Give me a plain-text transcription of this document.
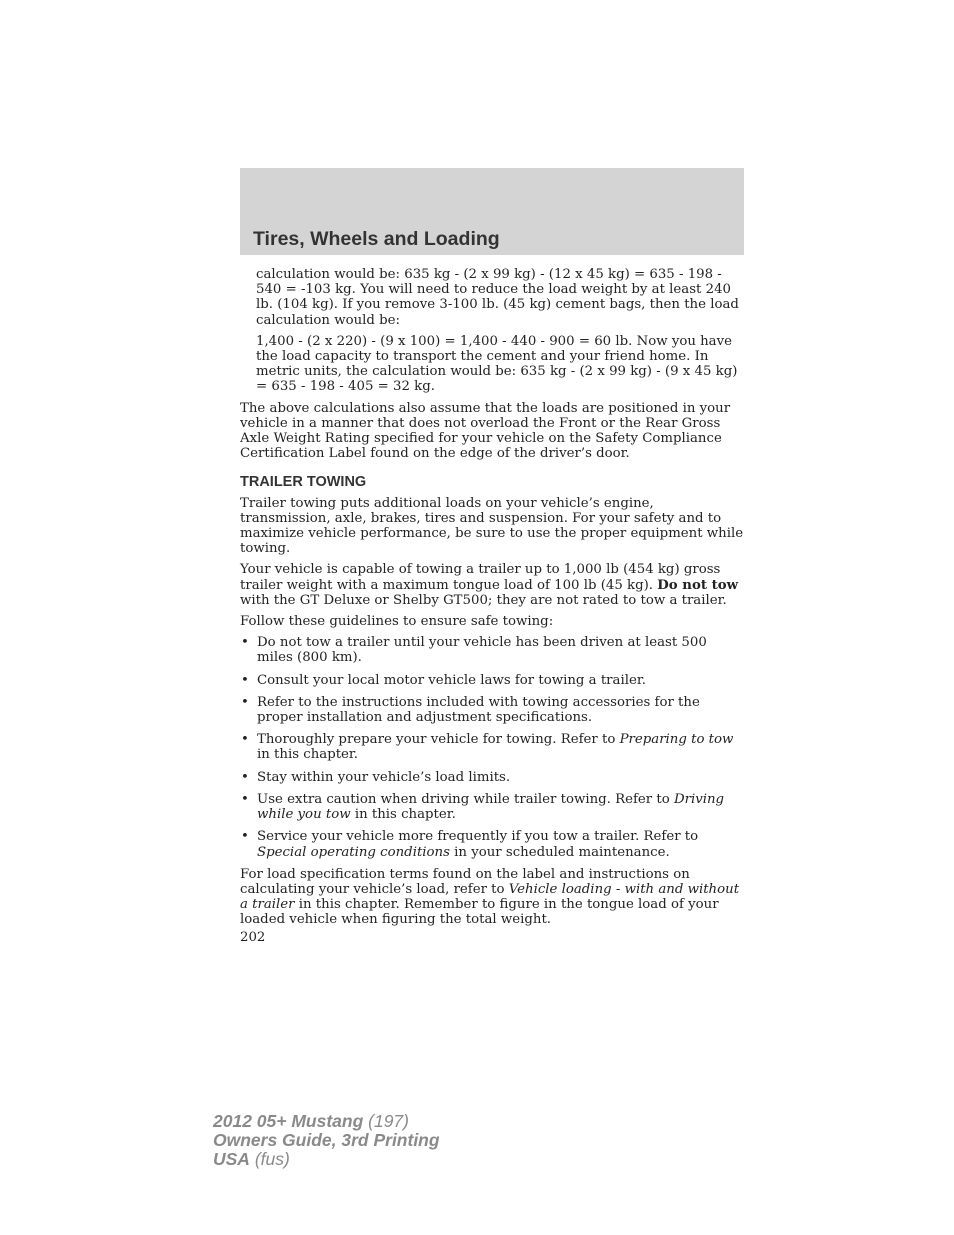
Tires, Wheels and Loading

calculation would be: 635 kg - (2 x 99 kg) - (12 x 45 kg) = 635 - 198 - 540 = -103 kg. You will need to reduce the load weight by at least 240 lb. (104 kg). If you remove 3-100 lb. (45 kg) cement bags, then the load calculation would be:

1,400 - (2 x 220) - (9 x 100) = 1,400 - 440 - 900 = 60 lb. Now you have the load capacity to transport the cement and your friend home. In metric units, the calculation would be: 635 kg - (2 x 99 kg) - (9 x 45 kg) = 635 - 198 - 405 = 32 kg.

The above calculations also assume that the loads are positioned in your vehicle in a manner that does not overload the Front or the Rear Gross Axle Weight Rating specified for your vehicle on the Safety Compliance Certification Label found on the edge of the driver’s door.

TRAILER TOWING

Trailer towing puts additional loads on your vehicle’s engine, transmission, axle, brakes, tires and suspension. For your safety and to maximize vehicle performance, be sure to use the proper equipment while towing.

Your vehicle is capable of towing a trailer up to 1,000 lb (454 kg) gross trailer weight with a maximum tongue load of 100 lb (45 kg). Do not tow with the GT Deluxe or Shelby GT500; they are not rated to tow a trailer.

Follow these guidelines to ensure safe towing:

• Do not tow a trailer until your vehicle has been driven at least 500 miles (800 km).
• Consult your local motor vehicle laws for towing a trailer.
• Refer to the instructions included with towing accessories for the proper installation and adjustment specifications.
• Thoroughly prepare your vehicle for towing. Refer to Preparing to tow in this chapter.
• Stay within your vehicle’s load limits.
• Use extra caution when driving while trailer towing. Refer to Driving while you tow in this chapter.
• Service your vehicle more frequently if you tow a trailer. Refer to Special operating conditions in your scheduled maintenance.

For load specification terms found on the label and instructions on calculating your vehicle’s load, refer to Vehicle loading - with and without a trailer in this chapter. Remember to figure in the tongue load of your loaded vehicle when figuring the total weight.

202
2012 05+ Mustang (197)
Owners Guide, 3rd Printing
USA (fus)
